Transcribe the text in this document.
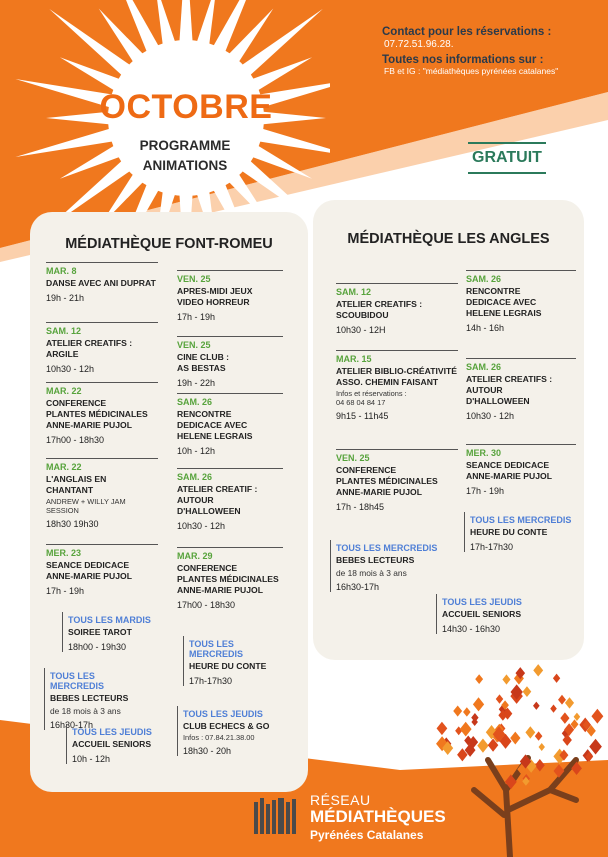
OCTOBRE
PROGRAMME
ANIMATIONS
Contact pour les réservations :
07.72.51.96.28.
Toutes nos informations sur :
FB et IG : "médiathèques pyrénées catalanes"
GRATUIT
MÉDIATHÈQUE FONT-ROMEU	MÉDIATHÈQUE LES ANGLES
MAR. 8
DANSE AVEC ANI DUPRAT
19h - 21h
SAM. 12
ATELIER CREATIFS : ARGILE
10h30 - 12h
MAR. 22
CONFERENCE
PLANTES MÉDICINALES
ANNE-MARIE PUJOL
17h00 - 18h30
MAR. 22
L'ANGLAIS EN
CHANTANT
ANDREW + WILLY JAM
SESSION
18h30 19h30
MER. 23
SEANCE DEDICACE
ANNE-MARIE PUJOL
17h - 19h
VEN. 25
APRES-MIDI JEUX
VIDEO HORREUR
17h - 19h
VEN. 25
CINE CLUB :
AS BESTAS
19h - 22h
SAM. 26
RENCONTRE
DEDICACE AVEC
HELENE LEGRAIS
10h - 12h
SAM. 26
ATELIER CREATIF :
AUTOUR
D'HALLOWEEN
10h30 - 12h
MAR. 29
CONFERENCE
PLANTES MÉDICINALES
ANNE-MARIE PUJOL
17h00 - 18h30
TOUS LES MARDIS
SOIREE TAROT
18h00 - 19h30	TOUS LES MERCREDIS
HEURE DU CONTE
17h-17h30
TOUS LES MERCREDIS
BEBES LECTEURS
de 18 mois à 3 ans
16h30-17h
TOUS LES JEUDIS
CLUB ECHECS & GO
Infos : 07.84.21.38.00
18h30 - 20h
TOUS LES JEUDIS
ACCUEIL SENIORS
10h - 12h
SAM. 12
ATELIER CREATIFS :
SCOUBIDOU
10h30 - 12H
MAR. 15
ATELIER BIBLIO-CRÉATIVITÉ
ASSO. CHEMIN FAISANT
Infos et réservations :
04 68 04 84 17
9h15 - 11h45
VEN. 25
CONFERENCE
PLANTES MÉDICINALES
ANNE-MARIE PUJOL
17h - 18h45
SAM. 26
RENCONTRE
DEDICACE AVEC
HELENE LEGRAIS
14h - 16h
SAM. 26
ATELIER CREATIFS :
AUTOUR
D'HALLOWEEN
10h30 - 12h
MER. 30
SEANCE DEDICACE
ANNE-MARIE PUJOL
17h - 19h
TOUS LES MERCREDIS
HEURE DU CONTE
17h-17h30
TOUS LES MERCREDIS
BEBES LECTEURS
de 18 mois à 3 ans
16h30-17h
TOUS LES JEUDIS
ACCUEIL SENIORS
14h30 - 16h30
RÉSEAU
MÉDIATHÈQUES
Pyrénées Catalanes
